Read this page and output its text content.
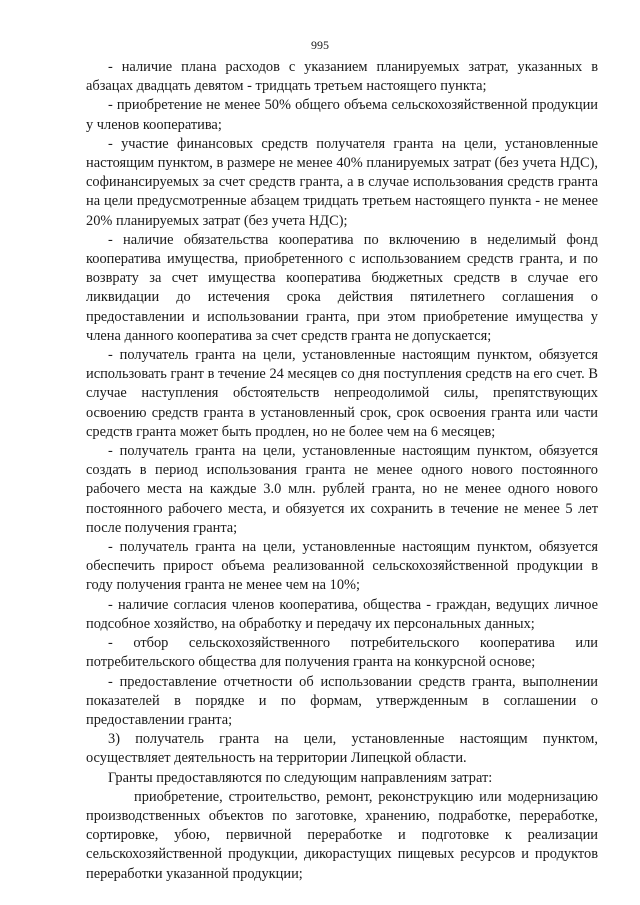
995

- наличие плана расходов с указанием планируемых затрат, указанных в абзацах двадцать девятом - тридцать третьем настоящего пункта;

- приобретение не менее 50% общего объема сельскохозяйственной продукции у членов кооператива;

- участие финансовых средств получателя гранта на цели, установленные настоящим пунктом, в размере не менее 40% планируемых затрат (без учета НДС), софинансируемых за счет средств гранта, а в случае использования средств гранта на цели предусмотренные абзацем тридцать третьем настоящего пункта - не менее 20% планируемых затрат (без учета НДС);

- наличие обязательства кооператива по включению в неделимый фонд кооператива имущества, приобретенного с использованием средств гранта, и по возврату за счет имущества кооператива бюджетных средств в случае его ликвидации до истечения срока действия пятилетнего соглашения о предоставлении и использовании гранта, при этом приобретение имущества у члена данного кооператива за счет средств гранта не допускается;

- получатель гранта на цели, установленные настоящим пунктом, обязуется использовать грант в течение 24 месяцев со дня поступления средств на его счет. В случае наступления обстоятельств непреодолимой силы, препятствующих освоению средств гранта в установленный срок, срок освоения гранта или части средств гранта может быть продлен, но не более чем на 6 месяцев;

- получатель гранта на цели, установленные настоящим пунктом, обязуется создать в период использования гранта не менее одного нового постоянного рабочего места на каждые 3.0 млн. рублей гранта, но не менее одного нового постоянного рабочего места, и обязуется их сохранить в течение не менее 5 лет после получения гранта;

- получатель гранта на цели, установленные настоящим пунктом, обязуется обеспечить прирост объема реализованной сельскохозяйственной продукции в году получения гранта не менее чем на 10%;

- наличие согласия членов кооператива, общества - граждан, ведущих личное подсобное хозяйство, на обработку и передачу их персональных данных;

- отбор сельскохозяйственного потребительского кооператива или потребительского общества для получения гранта на конкурсной основе;

- предоставление отчетности об использовании средств гранта, выполнении показателей в порядке и по формам, утвержденным в соглашении о предоставлении гранта;

3) получатель гранта на цели, установленные настоящим пунктом, осуществляет деятельность на территории Липецкой области.

Гранты предоставляются по следующим направлениям затрат:

приобретение, строительство, ремонт, реконструкцию или модернизацию производственных объектов по заготовке, хранению, подработке, переработке, сортировке, убою, первичной переработке и подготовке к реализации сельскохозяйственной продукции, дикорастущих пищевых ресурсов и продуктов переработки указанной продукции;
